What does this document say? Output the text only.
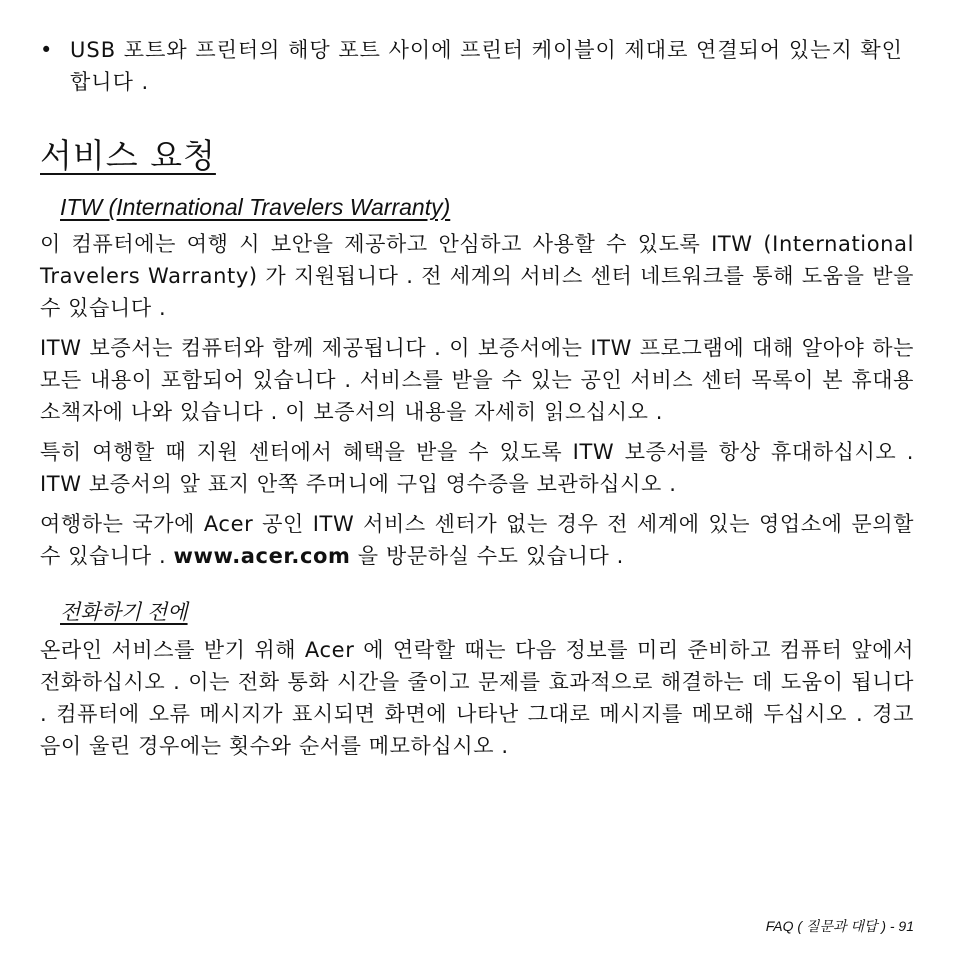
• USB 포트와 프린터의 해당 포트 사이에 프린터 케이블이 제대로 연결되어 있는지 확인합니다 .
서비스 요청
ITW (International Travelers Warranty)

이 컴퓨터에는 여행 시 보안을 제공하고 안심하고 사용할 수 있도록 ITW (International Travelers Warranty) 가 지원됩니다 . 전 세계의 서비스 센터 네트워크를 통해 도움을 받을 수 있습니다 .

ITW 보증서는 컴퓨터와 함께 제공됩니다 . 이 보증서에는 ITW 프로그램에 대해 알아야 하는 모든 내용이 포함되어 있습니다 . 서비스를 받을 수 있는 공인 서비스 센터 목록이 본 휴대용 소책자에 나와 있습니다 . 이 보증서의 내용을 자세히 읽으십시오 .

특히 여행할 때 지원 센터에서 혜택을 받을 수 있도록 ITW 보증서를 항상 휴대하십시오 . ITW 보증서의 앞 표지 안쪽 주머니에 구입 영수증을 보관하십시오 .

여행하는 국가에 Acer 공인 ITW 서비스 센터가 없는 경우 전 세계에 있는 영업소에 문의할 수 있습니다 . www.acer.com 을 방문하실 수도 있습니다 .

전화하기 전에

온라인 서비스를 받기 위해 Acer 에 연락할 때는 다음 정보를 미리 준비하고 컴퓨터 앞에서 전화하십시오 . 이는 전화 통화 시간을 줄이고 문제를 효과적으로 해결하는 데 도움이 됩니다 . 컴퓨터에 오류 메시지가 표시되면 화면에 나타난 그대로 메시지를 메모해 두십시오 . 경고음이 울린 경우에는 횟수와 순서를 메모하십시오 .

FAQ ( 질문과 대답 ) - 91
